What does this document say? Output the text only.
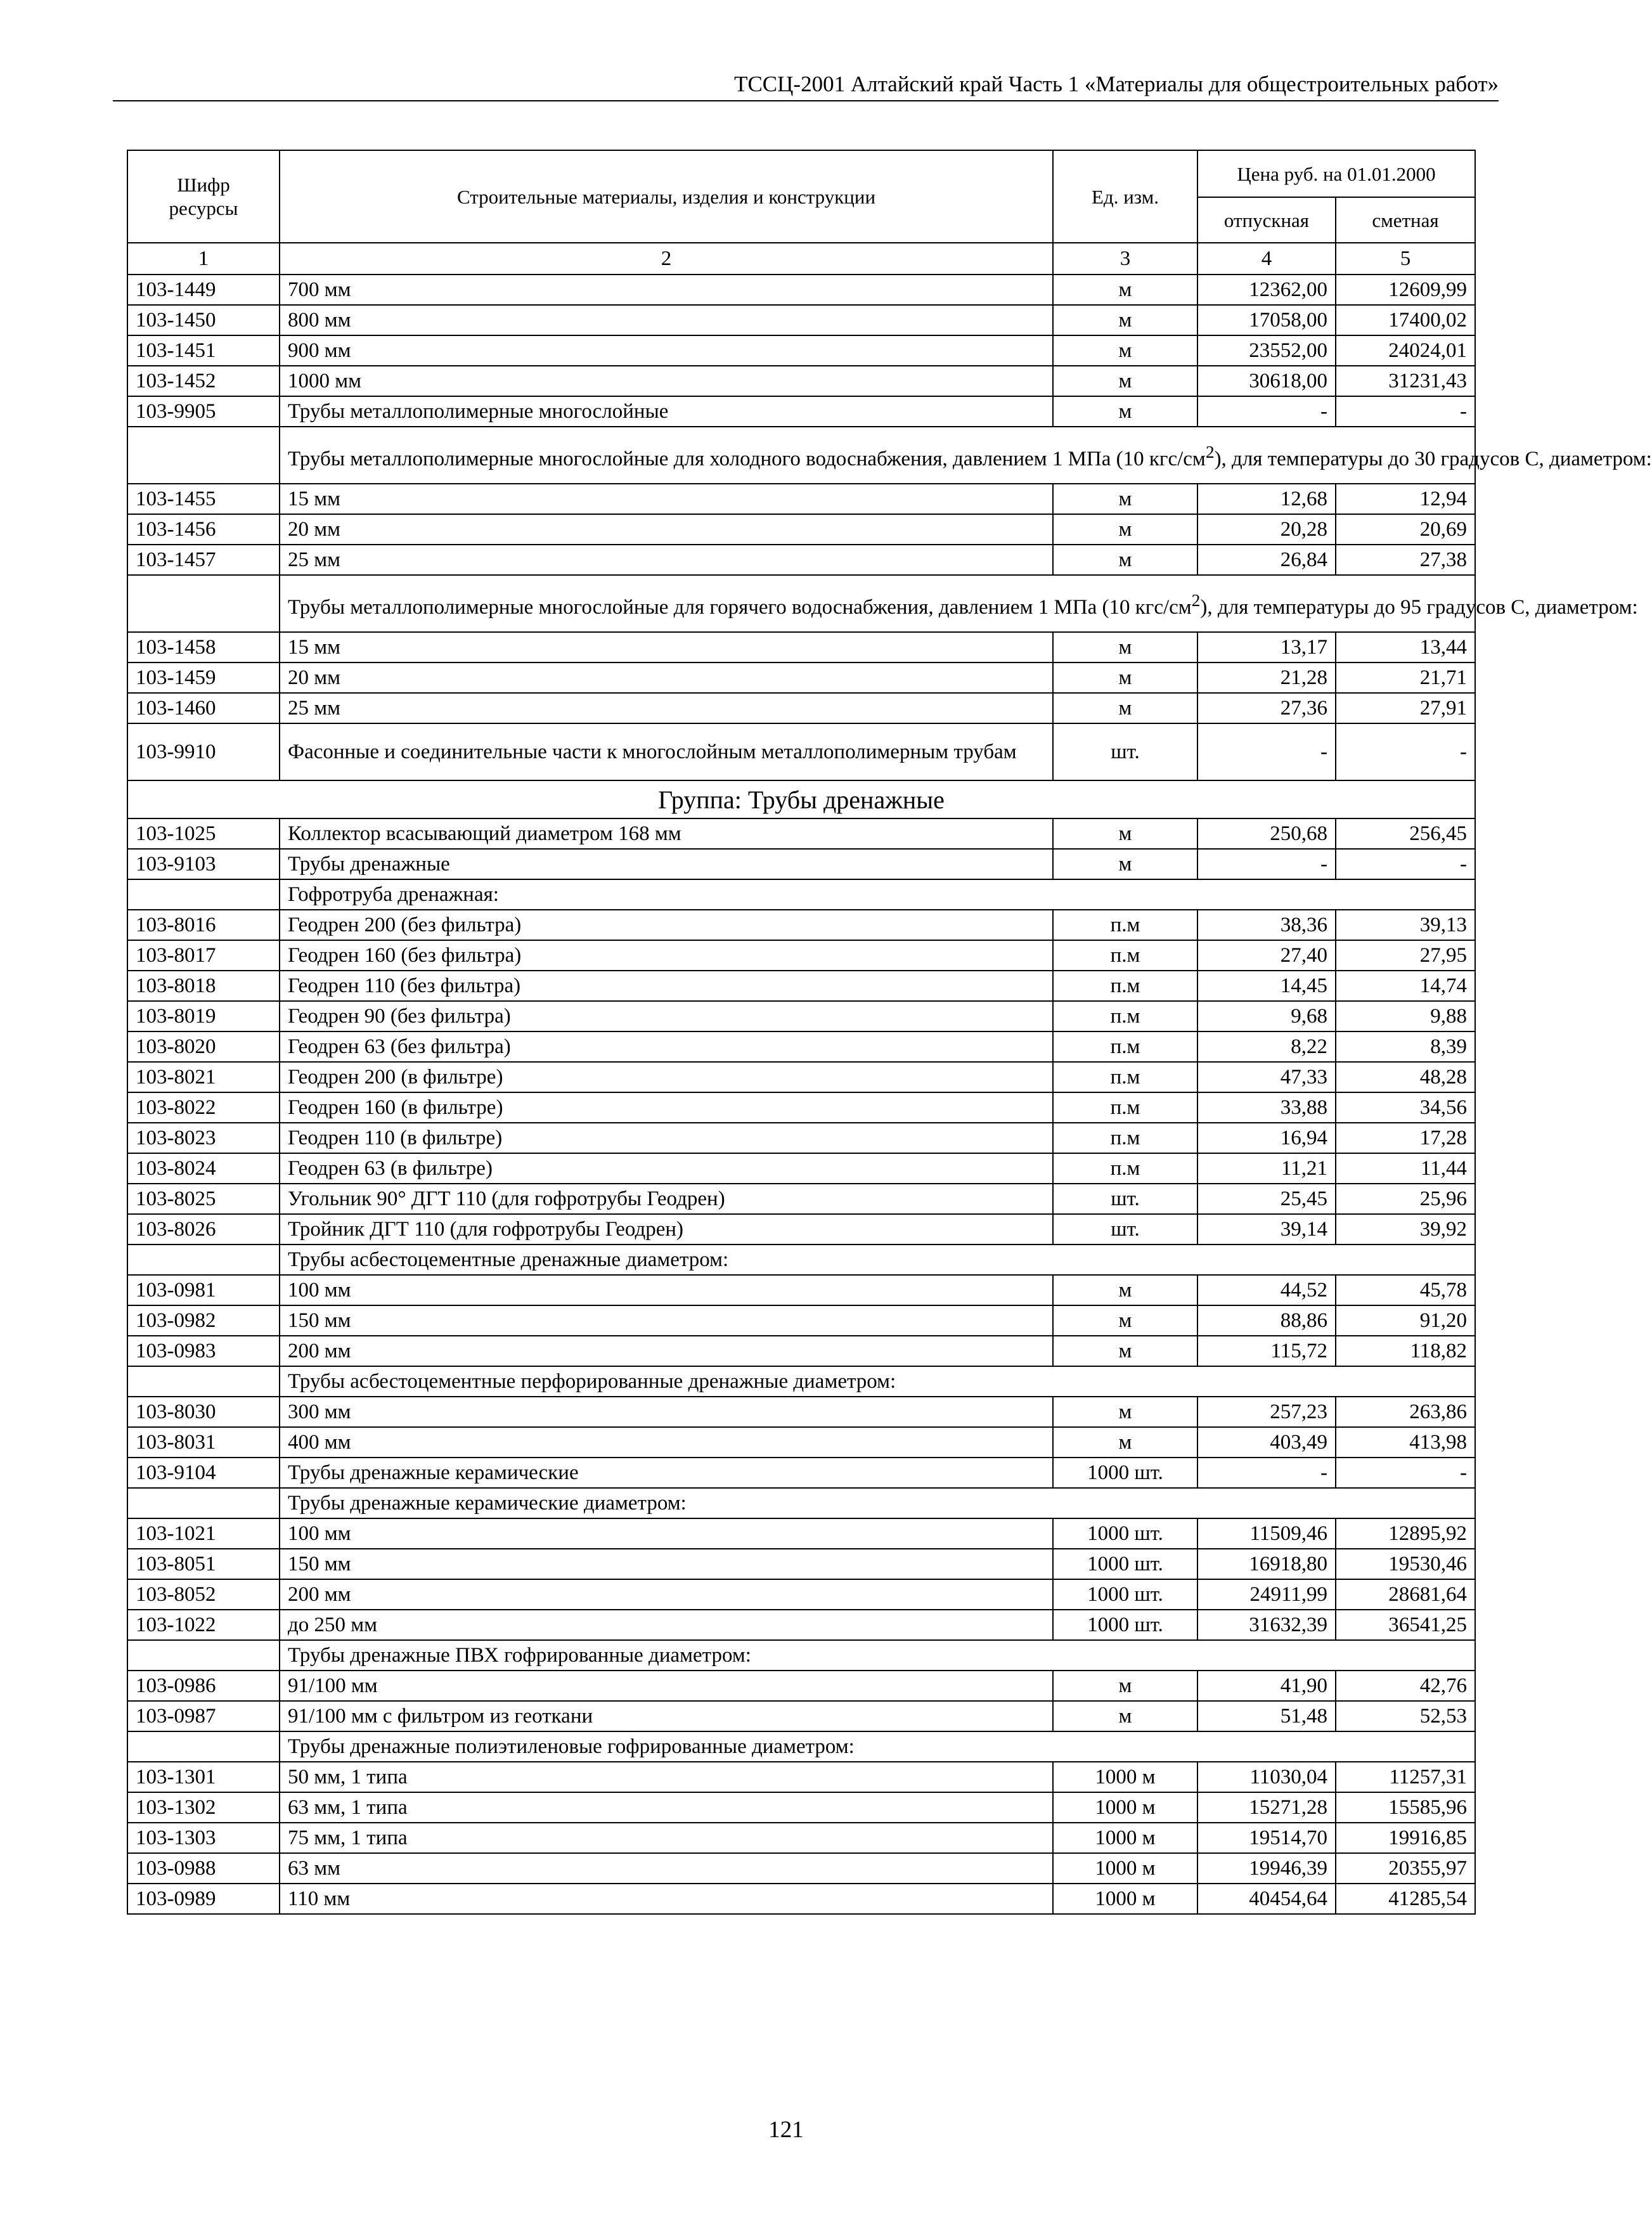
ТССЦ-2001 Алтайский край Часть 1 «Материалы для общестроительных работ»
Шифр ресурсы	Строительные материалы, изделия и конструкции	Ед. изм.	Цена руб. на 01.01.2000	
			отпускная	сметная
1	2	3	4	5
103-1449	700 мм	м	12362,00	12609,99
103-1450	800 мм	м	17058,00	17400,02
103-1451	900 мм	м	23552,00	24024,01
103-1452	1000 мм	м	30618,00	31231,43
103-9905	Трубы металлополимерные многослойные	м	-	-
	Трубы металлополимерные многослойные для холодного водоснабжения, давлением 1 МПа (10 кгс/$см^2$), для температуры до 30 градусов С, диаметром:			
103-1455	15 мм	м	12,68	12,94
103-1456	20 мм	м	20,28	20,69
103-1457	25 мм	м	26,84	27,38
	Трубы металлополимерные многослойные для горячего водоснабжения, давлением 1 МПа (10 кгс/$см^2$), для температуры до 95 градусов С, диаметром:			
103-1458	15 мм	м	13,17	13,44
103-1459	20 мм	м	21,28	21,71
103-1460	25 мм	м	27,36	27,91
103-9910	Фасонные и соединительные части к многослойным металлополимерным трубам	шт.	-	-
Группа: Трубы дренажные				
103-1025	Коллектор всасывающий диаметром 168 мм	м	250,68	256,45
103-9103	Трубы дренажные	м	-	-
	Гофротруба дренажная:			
103-8016	Геодрен 200 (без фильтра)	п.м	38,36	39,13
103-8017	Геодрен 160 (без фильтра)	п.м	27,40	27,95
103-8018	Геодрен 110 (без фильтра)	п.м	14,45	14,74
103-8019	Геодрен 90 (без фильтра)	п.м	9,68	9,88
103-8020	Геодрен 63 (без фильтра)	п.м	8,22	8,39
103-8021	Геодрен 200 (в фильтре)	п.м	47,33	48,28
103-8022	Геодрен 160 (в фильтре)	п.м	33,88	34,56
103-8023	Геодрен 110 (в фильтре)	п.м	16,94	17,28
103-8024	Геодрен 63 (в фильтре)	п.м	11,21	11,44
103-8025	Угольник 90° ДГТ 110 (для гофротрубы Геодрен)	шт.	25,45	25,96
103-8026	Тройник ДГТ 110 (для гофротрубы Геодрен)	шт.	39,14	39,92
	Трубы асбестоцементные дренажные диаметром:			
103-0981	100 мм	м	44,52	45,78
103-0982	150 мм	м	88,86	91,20
103-0983	200 мм	м	115,72	118,82
	Трубы асбестоцементные перфорированные дренажные диаметром:			
103-8030	300 мм	м	257,23	263,86
103-8031	400 мм	м	403,49	413,98
103-9104	Трубы дренажные керамические	1000 шт.	-	-
	Трубы дренажные керамические диаметром:			
103-1021	100 мм	1000 шт.	11509,46	12895,92
103-8051	150 мм	1000 шт.	16918,80	19530,46
103-8052	200 мм	1000 шт.	24911,99	28681,64
103-1022	до 250 мм	1000 шт.	31632,39	36541,25
	Трубы дренажные ПВХ гофрированные диаметром:			
103-0986	91/100 мм	м	41,90	42,76
103-0987	91/100 мм с фильтром из геоткани	м	51,48	52,53
	Трубы дренажные полиэтиленовые гофрированные диаметром:			
103-1301	50 мм, 1 типа	1000 м	11030,04	11257,31
103-1302	63 мм, 1 типа	1000 м	15271,28	15585,96
103-1303	75 мм, 1 типа	1000 м	19514,70	19916,85
103-0988	63 мм	1000 м	19946,39	20355,97
103-0989	110 мм	1000 м	40454,64	41285,54
121
